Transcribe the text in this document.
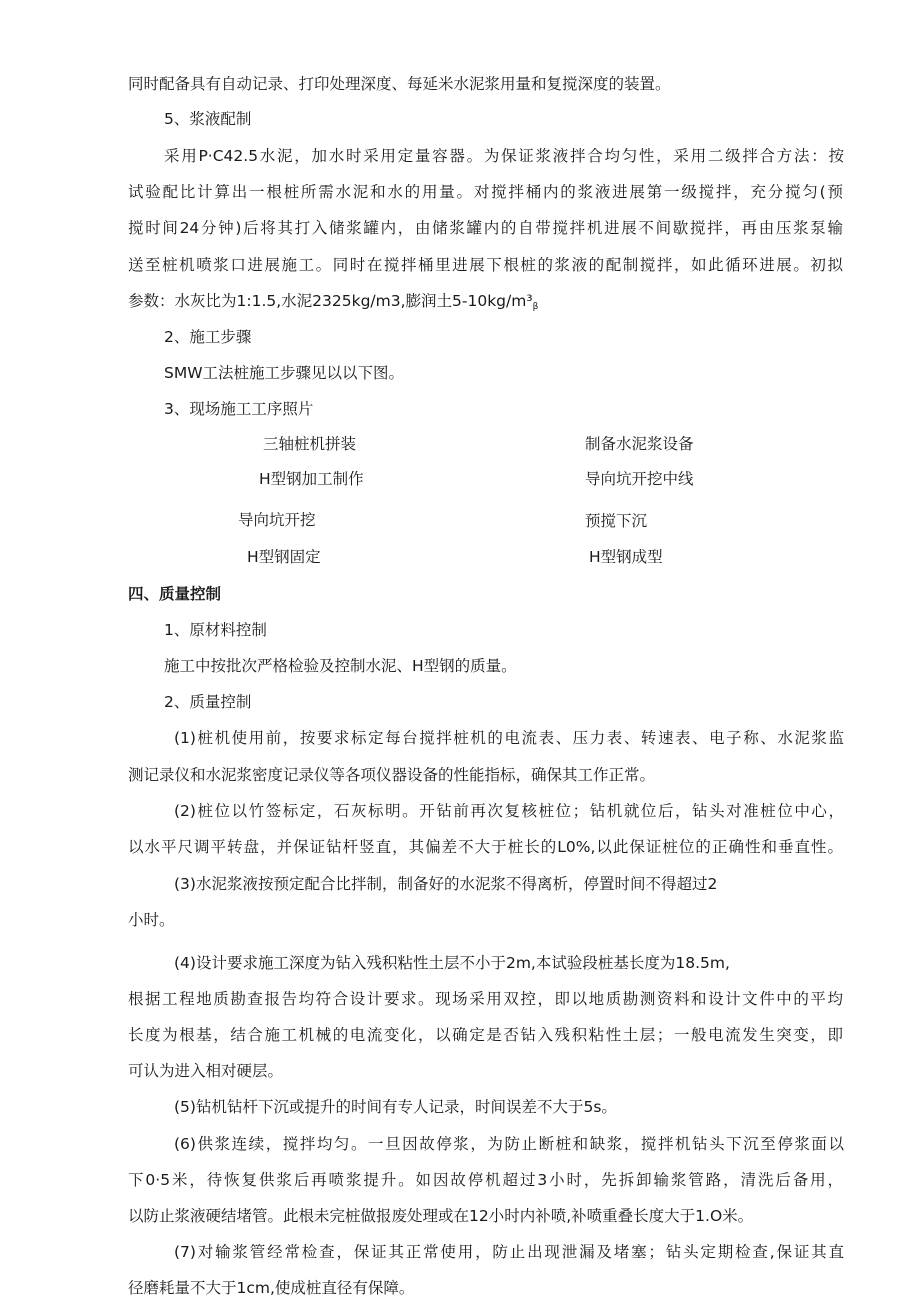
同时配备具有自动记录、打印处理深度、每延米水泥浆用量和复搅深度的装置。
5、浆液配制
采用P·C42.5水泥，加水时采用定量容器。为保证浆液拌合均匀性，采用二级拌合方法：按
试验配比计算出一根桩所需水泥和水的用量。对搅拌桶内的浆液进展第一级搅拌，充分搅匀(预
搅时间24分钟)后将其打入储浆罐内，由储浆罐内的自带搅拌机进展不间歇搅拌，再由压浆泵输
送至桩机喷浆口进展施工。同时在搅拌桶里进展下根桩的浆液的配制搅拌，如此循环进展。初拟
参数：水灰比为1:1.5,水泥2325kg∕m3,膨润土$5-10kg∕m^3_\beta$
2、施工步骤
SMW工法桩施工步骤见以以下图。
3、现场施工工序照片
三轴桩机拼装	制备水泥浆设备
H型钢加工制作	导向坑开挖中线
导向坑开挖	预搅下沉
H型钢固定	H型钢成型
四、质量控制
1、原材料控制
施工中按批次严格检验及控制水泥、H型钢的质量。
2、质量控制
(1)桩机使用前，按要求标定每台搅拌桩机的电流表、压力表、转速表、电子称、水泥浆监
测记录仪和水泥浆密度记录仪等各项仪器设备的性能指标，确保其工作正常。
(2)桩位以竹签标定，石灰标明。开钻前再次复核桩位；钻机就位后，钻头对准桩位中心，
以水平尺调平转盘，并保证钻杆竖直，其偏差不大于桩长的L0%,以此保证桩位的正确性和垂直性。
(3)水泥浆液按预定配合比拌制，制备好的水泥浆不得离析，停置时间不得超过2
小时。
(4)设计要求施工深度为钻入残积粘性土层不小于2m,本试验段桩基长度为18.5m,
根据工程地质勘查报告均符合设计要求。现场采用双控，即以地质勘测资料和设计文件中的平均
长度为根基，结合施工机械的电流变化，以确定是否钻入残积粘性土层；一般电流发生突变，即
可认为进入相对硬层。
(5)钻机钻杆下沉或提升的时间有专人记录，时间误差不大于5s。
(6)供浆连续，搅拌均匀。一旦因故停浆，为防止断桩和缺浆，搅拌机钻头下沉至停浆面以
下0·5米，待恢复供浆后再喷浆提升。如因故停机超过3小时，先拆卸输浆管路，清洗后备用，
以防止浆液硬结堵管。此根未完桩做报废处理或在12小时内补喷,补喷重叠长度大于1.O米。
(7)对输浆管经常检查，保证其正常使用，防止出现泄漏及堵塞；钻头定期检查,保证其直
径磨耗量不大于1cm,使成桩直径有保障。
